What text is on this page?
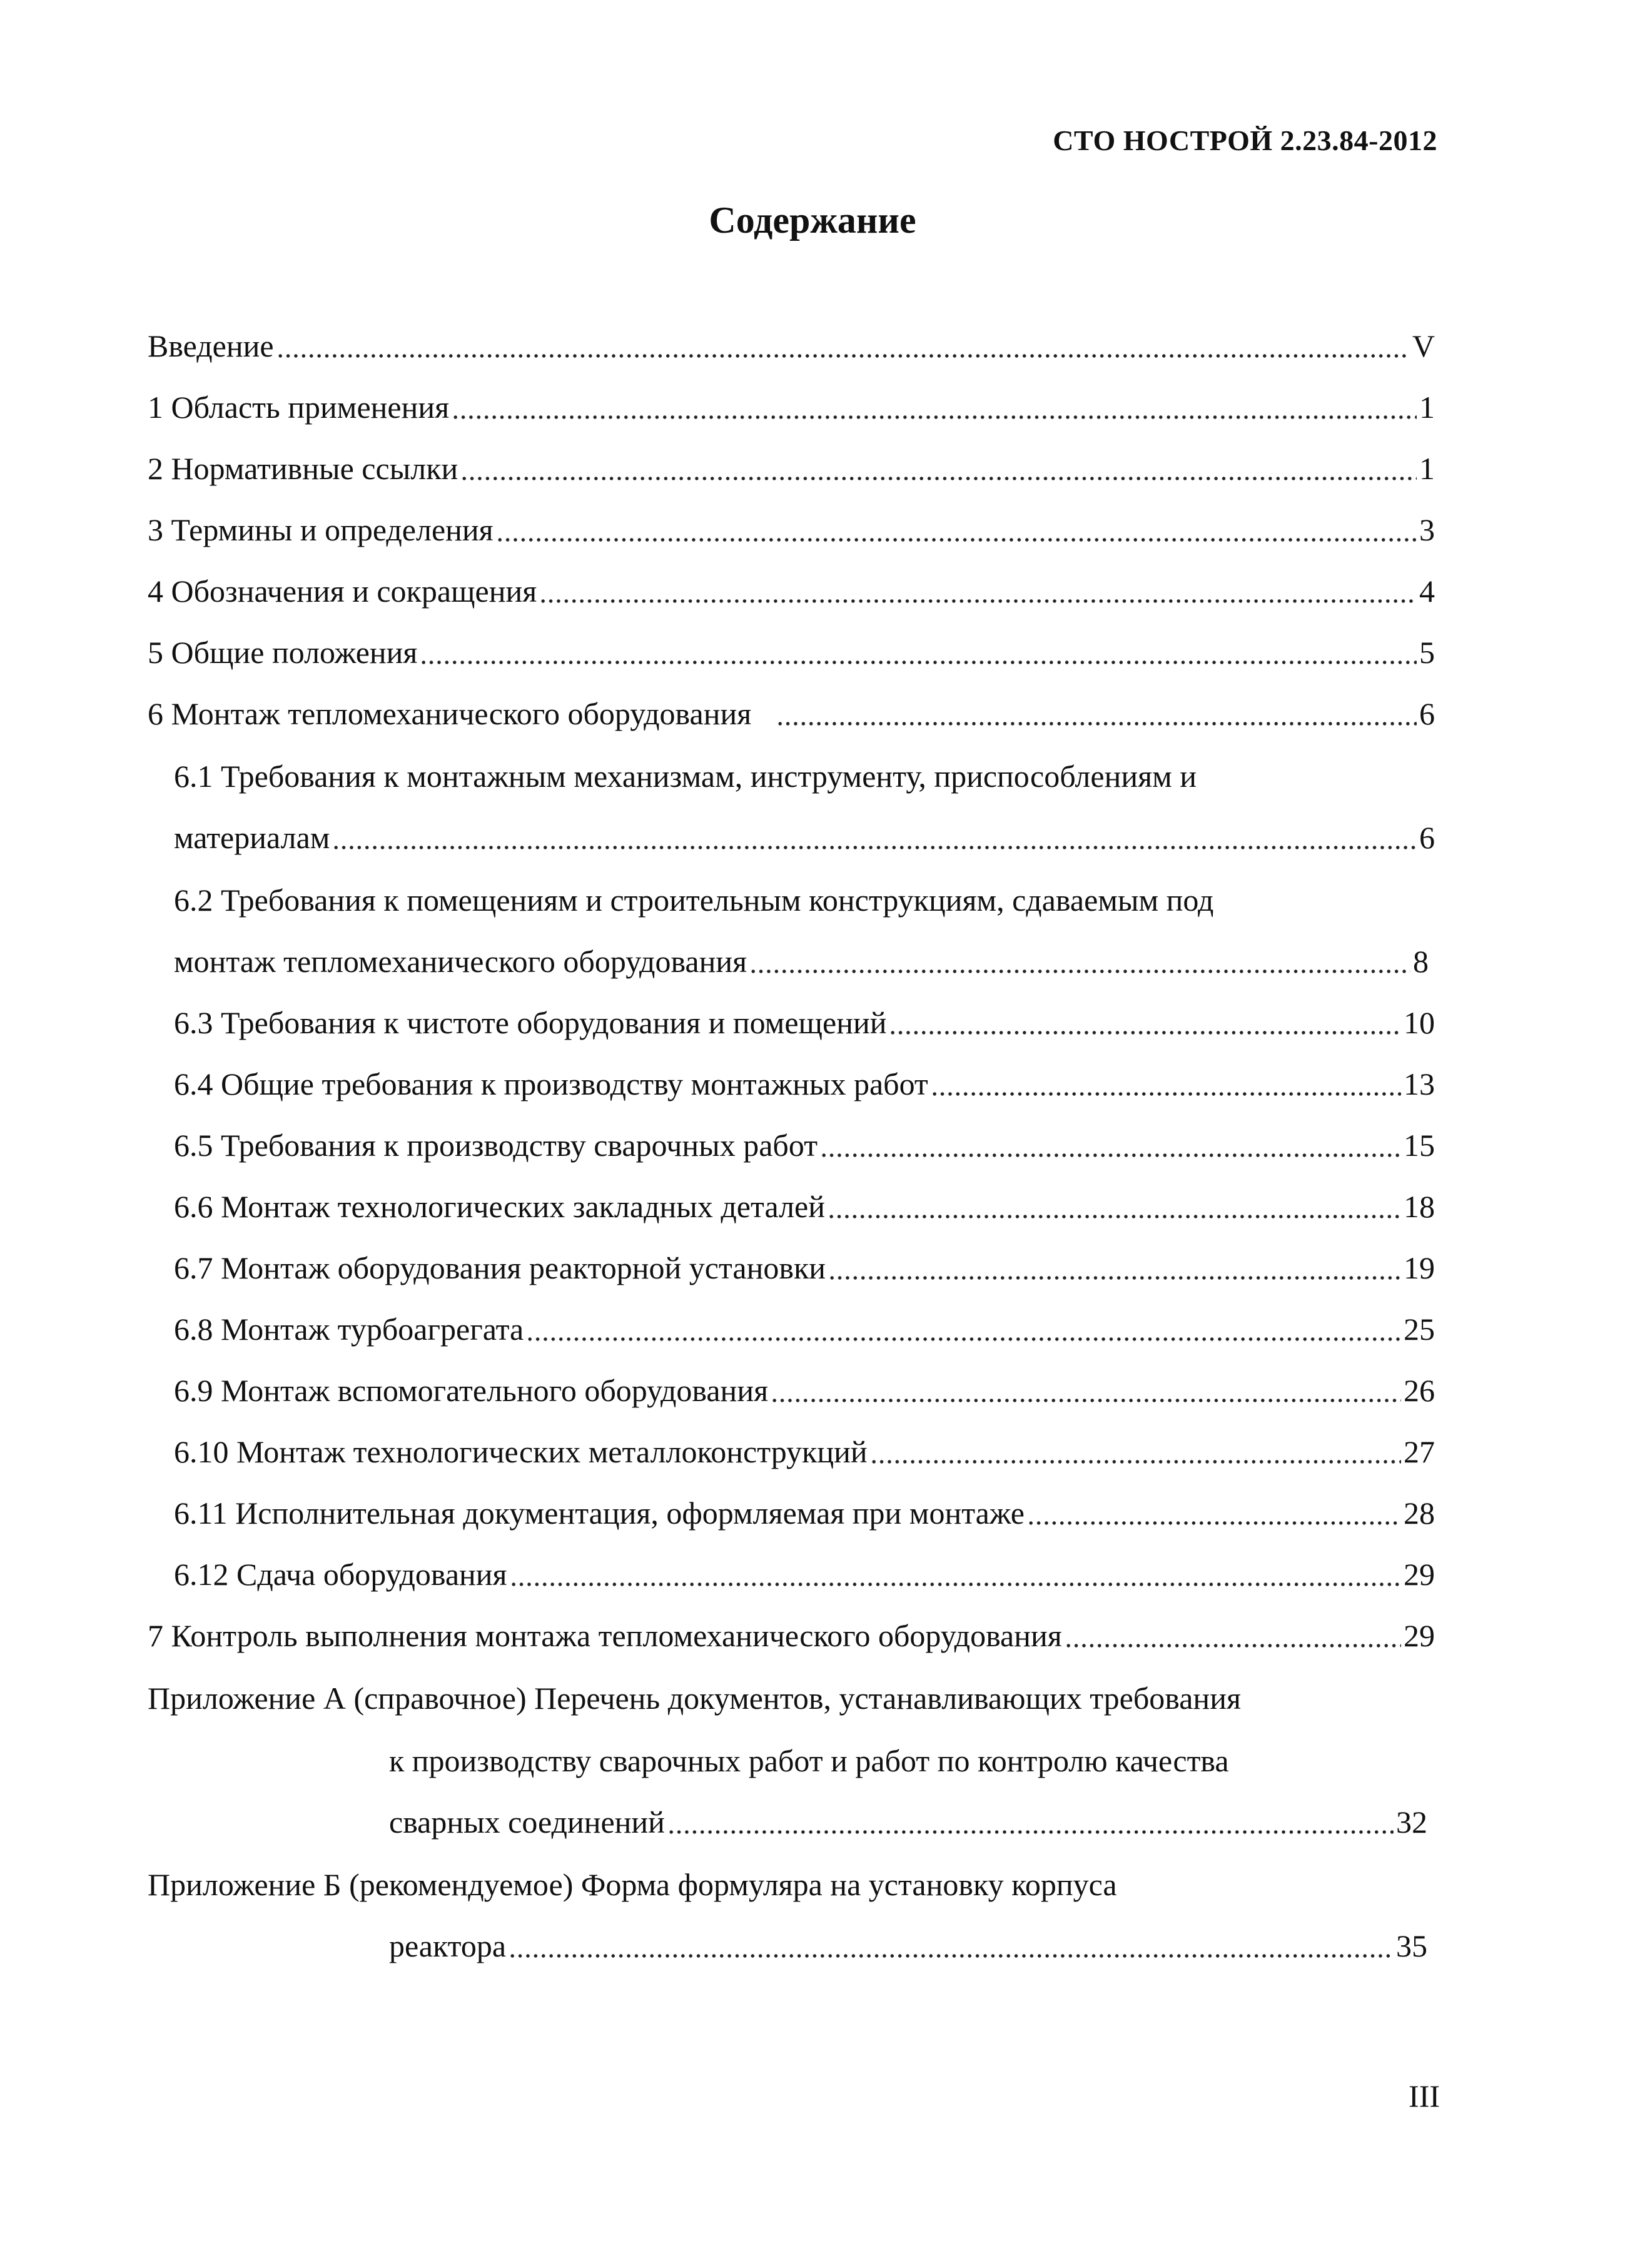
СТО НОСТРОЙ 2.23.84-2012
Содержание
Введение	V
1 Область применения	1
2 Нормативные ссылки	1
3 Термины и определения	3
4 Обозначения и сокращения	4
5 Общие положения	5
6 Монтаж тепломеханического оборудования	6
6.1 Требования к монтажным механизмам, инструменту, приспособлениям и
материалам	6
6.2 Требования к помещениям и строительным конструкциям, сдаваемым под
монтаж тепломеханического оборудования	8
6.3 Требования к чистоте оборудования и помещений	10
6.4 Общие требования к производству монтажных работ	13
6.5 Требования к производству сварочных работ	15
6.6 Монтаж технологических закладных деталей	18
6.7 Монтаж оборудования реакторной установки	19
6.8 Монтаж турбоагрегата	25
6.9 Монтаж вспомогательного оборудования	26
6.10 Монтаж технологических металлоконструкций	27
6.11 Исполнительная документация, оформляемая при монтаже	28
6.12 Сдача оборудования	29
7 Контроль выполнения монтажа тепломеханического оборудования	29
Приложение А (справочное) Перечень документов, устанавливающих требования
к производству сварочных работ и работ по контролю качества
сварных соединений	32
Приложение Б (рекомендуемое) Форма формуляра на установку корпуса
реактора	35
III
